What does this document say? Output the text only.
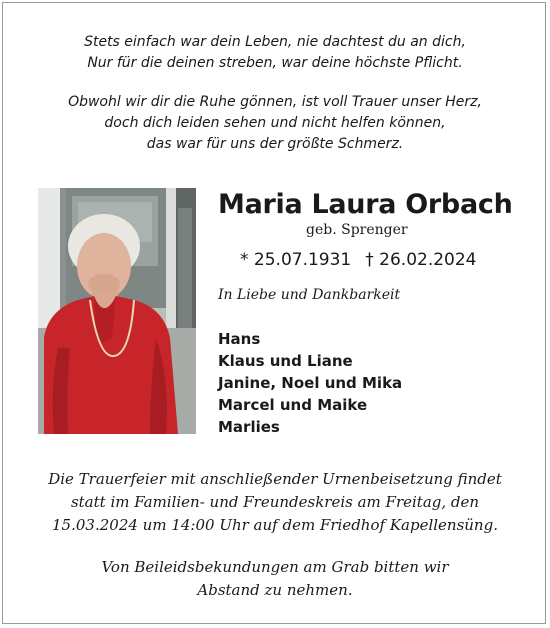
Stets einfach war dein Leben, nie dachtest du an dich,
Nur für die deinen streben, war deine höchste Pflicht.
Obwohl wir dir die Ruhe gönnen, ist voll Trauer unser Herz,
doch dich leiden sehen und nicht helfen können,
das war für uns der größte Schmerz.
Maria Laura Orbach
geb. Sprenger
* 25.07.1931 † 26.02.2024
In Liebe und Dankbarkeit
Hans
Klaus und Liane
Janine, Noel und Mika
Marcel und Maike
Marlies
Die Trauerfeier mit anschließender Urnenbeisetzung findet
statt im Familien- und Freundeskreis am Freitag, den
15.03.2024 um 14:00 Uhr auf dem Friedhof Kapellensüng.
Von Beileidsbekundungen am Grab bitten wir
Abstand zu nehmen.
